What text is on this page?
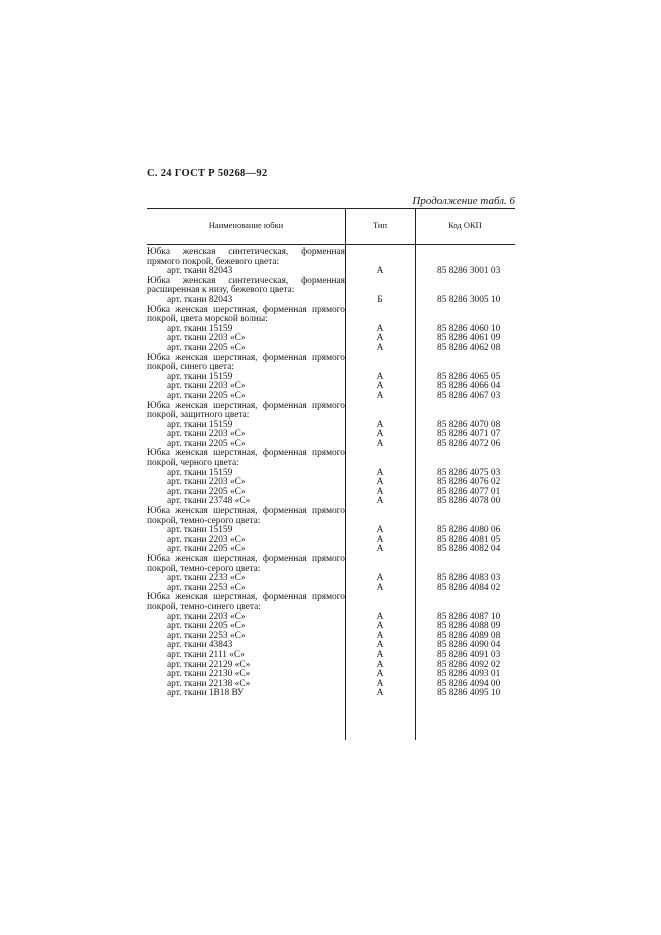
С. 24 ГОСТ Р 50268—92
Продолжение табл. 6
Наименование юбки	Тип	Код ОКП
Юбка женская синтетическая, форменная прямого покрой, бежевого цвета:
арт. ткани 82043	А	85 8286 3001 03
Юбка женская синтетическая, форменная расширенная к низу, бежевого цвета:
арт. ткани 82043	Б	85 8286 3005 10
Юбка женская шерстяная, форменная прямого покрой, цвета морской волны:
арт. ткани 15159	А	85 8286 4060 10
арт. ткани 2203 «С»	А	85 8286 4061 09
арт. ткани 2205 «С»	А	85 8286 4062 08
Юбка женская шерстяная, форменная прямого покрой, синего цвета:
арт. ткани 15159	А	85 8286 4065 05
арт. ткани 2203 «С»	А	85 8286 4066 04
арт. ткани 2205 «С»	А	85 8286 4067 03
Юбка женская шерстяная, форменная прямого покрой, защитного цвета:
арт. ткани 15159	А	85 8286 4070 08
арт. ткани 2203 «С»	А	85 8286 4071 07
арт. ткани 2205 «С»	А	85 8286 4072 06
Юбка женская шерстяная, форменная прямого покрой, черного цвета:
арт. ткани 15159	А	85 8286 4075 03
арт. ткани 2203 «С»	А	85 8286 4076 02
арт. ткани 2205 «С»	А	85 8286 4077 01
арт. ткани 23748 «С»	А	85 8286 4078 00
Юбка женская шерстяная, форменная прямого покрой, темно-серого цвета:
арт. ткани 15159	А	85 8286 4080 06
арт. ткани 2203 «С»	А	85 8286 4081 05
арт. ткани 2205 «С»	А	85 8286 4082 04
Юбка женская шерстяная, форменная прямого покрой, темно-серого цвета:
арт. ткани 2233 «С»	А	85 8286 4083 03
арт. ткани 2253 «С»	А	85 8286 4084 02
Юбка женская шерстяная, форменная прямого покрой, темно-синего цвета:
арт. ткани 2203 «С»	А	85 8286 4087 10
арт. ткани 2205 «С»	А	85 8286 4088 09
арт. ткани 2253 «С»	А	85 8286 4089 08
арт. ткани 43843	А	85 8286 4090 04
арт. ткани 2111 «С»	А	85 8286 4091 03
арт. ткани 22129 «С»	А	85 8286 4092 02
арт. ткани 22130 «С»	А	85 8286 4093 01
арт. ткани 22138 «С»	А	85 8286 4094 00
арт. ткани 1В18 ВУ	А	85 8286 4095 10
